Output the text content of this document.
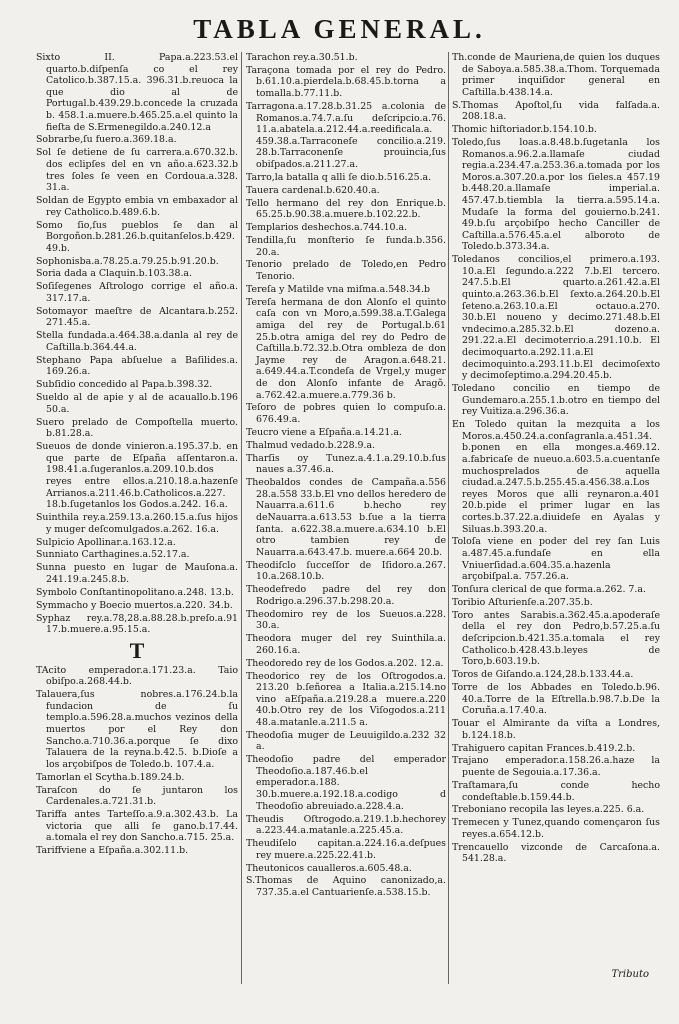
TABLA GENERAL.

Sixto II. Papa.a.223.53.el quarto.b.diſpenſa co el rey Catolico.b.387.15.a. 396.31.b.reuoca la que dio al de Portugal.b.439.29.b.concede la cruzada b. 458.1.a.muere.b.465.25.a.el quinto la fieſta de S.Ermenegildo.a.240.12.a

Sobrarbe,ſu fuero.a.369.18.a.

Sol ſe detiene de ſu carrera.a.670.32.b. dos eclipſes del en vn año.a.623.32.b tres ſoles ſe veen en Cordoua.a.328. 31.a.

Soldan de Egypto embia vn embaxador al rey Catholico.b.489.6.b.

Somo ſio,ſus pueblos ſe dan al Borgoñon.b.281.26.b.quitanſelos.b.429. 49.b.

Sophonisba.a.78.25.a.79.25.b.91.20.b.

Soria dada a Claquin.b.103.38.a.

Soſiſegenes Aſtrologo corrige el año.a. 317.17.a.

Sotomayor maeſtre de Alcantara.b.252. 271.45.a.

Stella fundada.a.464.38.a.danla al rey de Caſtilla.b.364.44.a.

Stephano Papa abſuelue a Baſilides.a. 169.26.a.

Subſidio concedido al Papa.b.398.32.

Sueldo al de apie y al de acauallo.b.196 50.a.

Suero prelado de Compoſtella muerto. b.81.28.a.

Sueuos de donde vinieron.a.195.37.b. en que parte de Eſpaña aſſentaron.a. 198.41.a.ſugeranlos.a.209.10.b.dos reyes entre ellos.a.210.18.a.hazenſe Arrianos.a.211.46.b.Catholicos.a.227. 18.b.ſugetanlos los Godos.a.242. 16.a.

Suinthila rey.a.259.13.a.260.15.a.ſus hijos y muger deſcomulgados.a.262. 16.a.

Sulpicio Apollinar.a.163.12.a.

Sunniato Carthagines.a.52.17.a.

Sunna puesto en lugar de Mauſona.a. 241.19.a.245.8.b.

Symbolo Conſtantinopolitano.a.248. 13.b.

Symmacho y Boecio muertos.a.220. 34.b.

Syphaz rey.a.78,28.a.88.28.b.preſo.a.91 17.b.muere.a.95.15.a.

T

TAcito emperador.a.171.23.a. Taio obiſpo.a.268.44.b.

Talauera,ſus nobres.a.176.24.b.la fundacion de ſu templo.a.596.28.a.muchos vezinos della muertos por el Rey don Sancho.a.710.36.a.porque ſe dixo Talauera de la reyna.b.42.5. b.Dioſe a los arçobiſpos de Toledo.b. 107.4.a.

Tamorlan el Scytha.b.189.24.b.

Taraſcon do ſe juntaron los Cardenales.a.721.31.b.

Tariffa antes Tarteſſo.a.9.a.302.43.b. La victoria que alli ſe gano.b.17.44. a.tomala el rey don Sancho.a.715. 25.a.

Tariffviene a Eſpaña.a.302.11.b.

Tarachon rey.a.30.51.b.

Taraçona tomada por el rey do Pedro. b.61.10.a.pierdela.b.68.45.b.torna a tomalla.b.77.11.b.

Tarragona.a.17.28.b.31.25 a.colonia de Romanos.a.74.7.a.ſu deſcripcio.a.76. 11.a.abatela.a.212.44.a.reedificala.a. 459.38.a.Tarraconeſe concilio.a.219. 28.b.Tarraconenſe prouincia,ſus obiſpados.a.211.27.a.

Tarro,la batalla q alli ſe dio.b.516.25.a.

Tauera cardenal.b.620.40.a.

Tello hermano del rey don Enrique.b. 65.25.b.90.38.a.muere.b.102.22.b.

Templarios deshechos.a.744.10.a.

Tendilla,ſu monſterio ſe funda.b.356. 20.a.

Tenorio prelado de Toledo,en Pedro Tenorio.

Tereſa y Matilde vna miſma.a.548.34.b

Tereſa hermana de don Alonſo el quinto caſa con vn Moro,a.599.38.a.T.Galega amiga del rey de Portugal.b.61 25.b.otra amiga del rey do Pedro de Caſtilla.b.72.32.b.Otra ombleza de don Jayme rey de Aragon.a.648.21. a.649.44.a.T.condeſa de Vrgel,y muger de don Alonſo infante de Aragõ. a.762.42.a.muere.a.779.36 b.

Teſoro de pobres quien lo compuſo.a. 676.49.a.

Teucro viene a Eſpaña.a.14.21.a.

Thalmud vedado.b.228.9.a.

Tharſis oy Tunez.a.4.1.a.29.10.b.ſus naues a.37.46.a.

Theobaldos condes de Campaña.a.556 28.a.558 33.b.El vno dellos heredero de Nauarra.a.611.6 b.hecho rey deNauarra.a.613.53 b.ſue a la tierra ſanta. a.622.38.a.muere.a.634.10 b.El otro tambien rey de Nauarra.a.643.47.b. muere.a.664 20.b.

Theodiſclo ſucceſſor de Iſidoro.a.267. 10.a.268.10.b.

Theodefredo padre del rey don Rodrigo.a.296.37.b.298.20.a.

Theodomiro rey de los Sueuos.a.228. 30.a.

Theodora muger del rey Suinthila.a. 260.16.a.

Theodoredo rey de los Godos.a.202. 12.a.

Theodorico rey de los Oſtrogodos.a. 213.20 b.ſeñorea a Italia.a.215.14.no vino aEſpaña.a.219.28.a muere.a.220 40.b.Otro rey de los Viſogodos.a.211 48.a.matanle.a.211.5 a.

Theodoſia muger de Leuuigildo.a.232 32 a.

Theodoſio padre del emperador Theodoſio.a.187.46.b.el emperador.a.188. 30.b.muere.a.192.18.a.codigo d Theodoſio abreuiado.a.228.4.a.

Theudis Oſtrogodo.a.219.1.b.hechorey a.223.44.a.matanle.a.225.45.a.

Theudiſelo capitan.a.224.16.a.deſpues rey muere.a.225.22.41.b.

Theutonicos caualleros.a.605.48.a.

S.Thomas de Aquino canonizado,a. 737.35.a.el Cantuarienſe.a.538.15.b.

Th.conde de Mauriena,de quien los duques de Saboya.a.585.38.a.Thom. Torquemada primer inquiſidor general en Caſtilla.b.438.14.a.

S.Thomas Apoſtol,ſu vida falſada.a. 208.18.a.

Thomic hiſtoriador.b.154.10.b.

Toledo,ſus loas.a.8.48.b.ſugetanla los Romanos.a.96.2.a.llamaſe ciudad regia.a.234.47.a.253.36.a.tomada por los Moros.a.307.20.a.por los ſieles.a 457.19 b.448.20.a.llamaſe imperial.a. 457.47.b.tiembla la tierra.a.595.14.a. Mudaſe la forma del gouierno.b.241. 49.b.ſu arçobiſpo hecho Canciller de Caſtilla.a.576.45.a.el alboroto de Toledo.b.373.34.a.

Toledanos concilios,el primero.a.193. 10.a.El ſegundo.a.222 7.b.El tercero. 247.5.b.El quarto.a.261.42.a.El quinto.a.263.36.b.El ſexto.a.264.20.b.El ſeteno.a.263.10.a.El octauo.a.270. 30.b.El noueno y decimo.271.48.b.El vndecimo.a.285.32.b.El dozeno.a. 291.22.a.El decimoterɾio.a.291.10.b. El decimoquarto.a.292.11.a.El decimoquinto.a.293.11.b.El decimoſexto y decimoſeptimo.a.294.20.45.b.

Toledano concilio en tiempo de Gundemaro.a.255.1.b.otro en tiempo del rey Vuitiza.a.296.36.a.

En Toledo quitan la mezquita a los Moros.a.450.24.a.conſagranla.a.451.34. b.ponen en ella monges.a.469.12. a.fabricaſe de nueuo.a.603.5.a.cuentanſe muchosprelados de aquella ciudad.a.247.5.b.255.45.a.456.38.a.Los reyes Moros que alli reynaron.a.401 20.b.pide el primer lugar en las cortes.b.37.22.a.diuideſe en Ayalas y Siluas.b.393.20.a.

Toloſa viene en poder del rey ſan Luis a.487.45.a.fundaſe en ella Vniuerſidad.a.604.35.a.hazenla arçobiſpal.a. 757.26.a.

Tonſura clerical de que forma.a.262. 7.a.

Toribio Aſturienſe.a.207.35.b.

Toro antes Sarabis.a.362.45.a.apoderaſe della el rey don Pedro,b.57.25.a.ſu deſcripcion.b.421.35.a.tomala el rey Catholico.b.428.43.b.leyes de Toro,b.603.19.b.

Toros de Giſando.a.124,28.b.133.44.a.

Torre de los Abbades en Toledo.b.96. 40.a.Torre de la Eſtrella.b.98.7.b.De la Coruña.a.17.40.a.

Touar el Almirante da viſta a Londres, b.124.18.b.

Trahiguero capitan Frances.b.419.2.b.

Trajano emperador.a.158.26.a.haze la puente de Segouia.a.17.36.a.

Traſtamara,ſu conde hecho condeſtable.b.159.44.b.

Treboniano recopila las leyes.a.225. 6.a.

Tremecen y Tunez,quando començaron ſus reyes.a.654.12.b.

Trencauello vizconde de Carcaſona.a. 541.28.a.

Tributo
